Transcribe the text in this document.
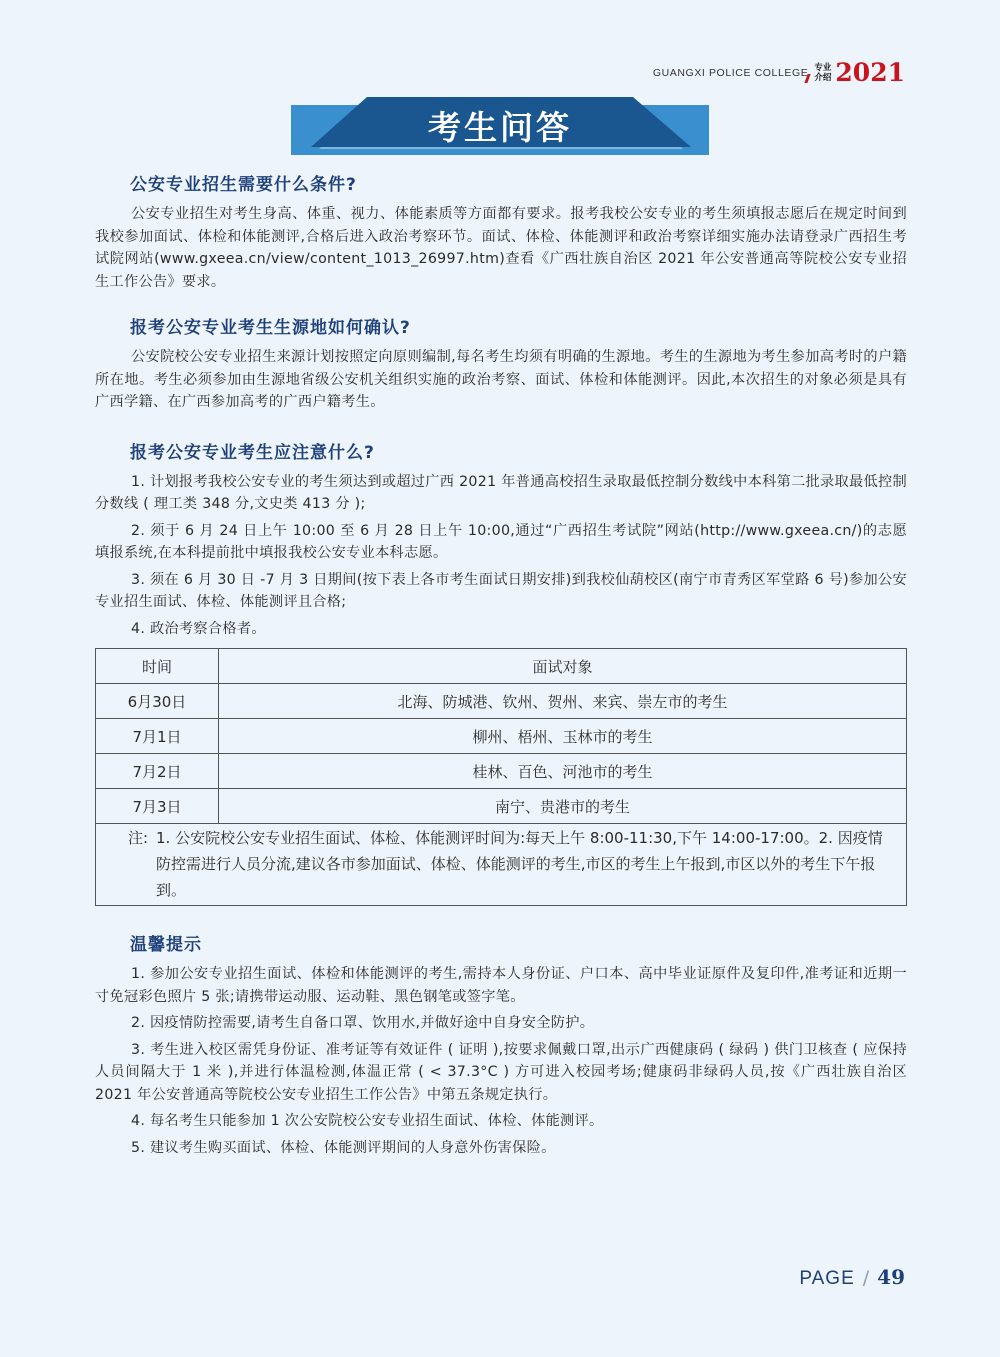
GUANGXI POLICE COLLEGE 专业
介绍 2021
考生问答
公安专业招生需要什么条件?

公安专业招生对考生身高、体重、视力、体能素质等方面都有要求。报考我校公安专业的考生须填报志愿后在规定时间到我校参加面试、体检和体能测评,合格后进入政治考察环节。面试、体检、体能测评和政治考察详细实施办法请登录广西招生考试院网站(www.gxeea.cn/view/content_1013_26997.htm)查看《广西壮族自治区 2021 年公安普通高等院校公安专业招生工作公告》要求。

报考公安专业考生生源地如何确认?

公安院校公安专业招生来源计划按照定向原则编制,每名考生均须有明确的生源地。考生的生源地为考生参加高考时的户籍所在地。考生必须参加由生源地省级公安机关组织实施的政治考察、面试、体检和体能测评。因此,本次招生的对象必须是具有广西学籍、在广西参加高考的广西户籍考生。

报考公安专业考生应注意什么?

1. 计划报考我校公安专业的考生须达到或超过广西 2021 年普通高校招生录取最低控制分数线中本科第二批录取最低控制分数线 ( 理工类 348 分,文史类 413 分 );

2. 须于 6 月 24 日上午 10:00 至 6 月 28 日上午 10:00,通过“广西招生考试院”网站(http://www.gxeea.cn/)的志愿填报系统,在本科提前批中填报我校公安专业本科志愿。

3. 须在 6 月 30 日 -7 月 3 日期间(按下表上各市考生面试日期安排)到我校仙葫校区(南宁市青秀区军堂路 6 号)参加公安专业招生面试、体检、体能测评且合格;

4. 政治考察合格者。

时间	面试对象
6月30日	北海、防城港、钦州、贺州、来宾、崇左市的考生
7月1日	柳州、梧州、玉林市的考生
7月2日	桂林、百色、河池市的考生
7月3日	南宁、贵港市的考生

注: 1. 公安院校公安专业招生面试、体检、体能测评时间为:每天上午 8:00-11:30,下午 14:00-17:00。2. 因疫情防控需进行人员分流,建议各市参加面试、体检、体能测评的考生,市区的考生上午报到,市区以外的考生下午报到。	
温馨提示

1. 参加公安专业招生面试、体检和体能测评的考生,需持本人身份证、户口本、高中毕业证原件及复印件,准考证和近期一寸免冠彩色照片 5 张;请携带运动服、运动鞋、黑色钢笔或签字笔。

2. 因疫情防控需要,请考生自备口罩、饮用水,并做好途中自身安全防护。

3. 考生进入校区需凭身份证、准考证等有效证件 ( 证明 ),按要求佩戴口罩,出示广西健康码 ( 绿码 ) 供门卫核查 ( 应保持人员间隔大于 1 米 ),并进行体温检测,体温正常 ( < 37.3°C ) 方可进入校园考场;健康码非绿码人员,按《广西壮族自治区 2021 年公安普通高等院校公安专业招生工作公告》中第五条规定执行。

4. 每名考生只能参加 1 次公安院校公安专业招生面试、体检、体能测评。

5. 建议考生购买面试、体检、体能测评期间的人身意外伤害保险。

PAGE / 49
